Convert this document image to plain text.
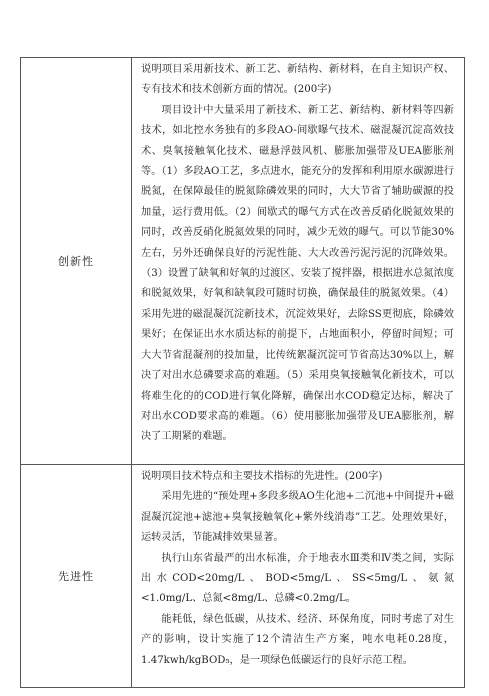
创新性	说明项目采用新技术、新工艺、新结构、新材料，在自主知识产权、专有技术和技术创新方面的情况。(200字)

项目设计中大量采用了新技术、新工艺、新结构、新材料等四新技术，如北控水务独有的多段AO-间歇曝气技术、磁混凝沉淀高效技术、臭氧接触氧化技术、磁悬浮鼓风机、膨胀加强带及UEA膨胀剂等。（1）多段AO工艺，多点进水，能充分的发挥和利用原水碳源进行脱氮，在保障最佳的脱氮除磷效果的同时，大大节省了辅助碳源的投加量，运行费用低。（2）间歇式的曝气方式在改善反硝化脱氮效果的同时，改善反硝化脱氮效果的同时，减少无效的曝气。可以节能30%左右，另外还确保良好的污泥性能、大大改善污泥污泥的沉降效果。（3）设置了缺氧和好氧的过渡区、安装了搅拌器，根据进水总氮浓度和脱氮效果，好氧和缺氧段可随时切换，确保最佳的脱氮效果。（4）采用先进的磁混凝沉淀新技术，沉淀效果好，去除SS更彻底，除磷效果好；在保证出水水质达标的前提下，占地面积小，停留时间短；可大大节省混凝剂的投加量，比传统絮凝沉淀可节省高达30%以上，解决了对出水总磷要求高的难题。（5）采用臭氧接触氧化新技术，可以将难生化的的COD进行氧化降解，确保出水COD稳定达标，解决了对出水COD要求高的难题。（6）使用膨胀加强带及UEA膨胀剂，解决了工期紧的难题。

先进性	说明项目技术特点和主要技术指标的先进性。(200字)

采用先进的“预处理+多段多级AO生化池+二沉池+中间提升+磁混凝沉淀池+滤池+臭氧接触氧化+紫外线消毒”工艺。处理效果好，运转灵活，节能减排效果显著。

执行山东省最严的出水标准，介于地表水Ⅲ类和Ⅳ类之间，实际出水COD<20mg/L、BOD<5mg/L、SS<5mg/L、氨氮<1.0mg/L、总氮<8mg/L、总磷<0.2mg/L。

能耗低，绿色低碳，从技术、经济、环保角度，同时考虑了对生产的影响，设计实施了12个清洁生产方案，吨水电耗0.28度，1.47kwh/kgBOD₅，是一项绿色低碳运行的良好示范工程。
